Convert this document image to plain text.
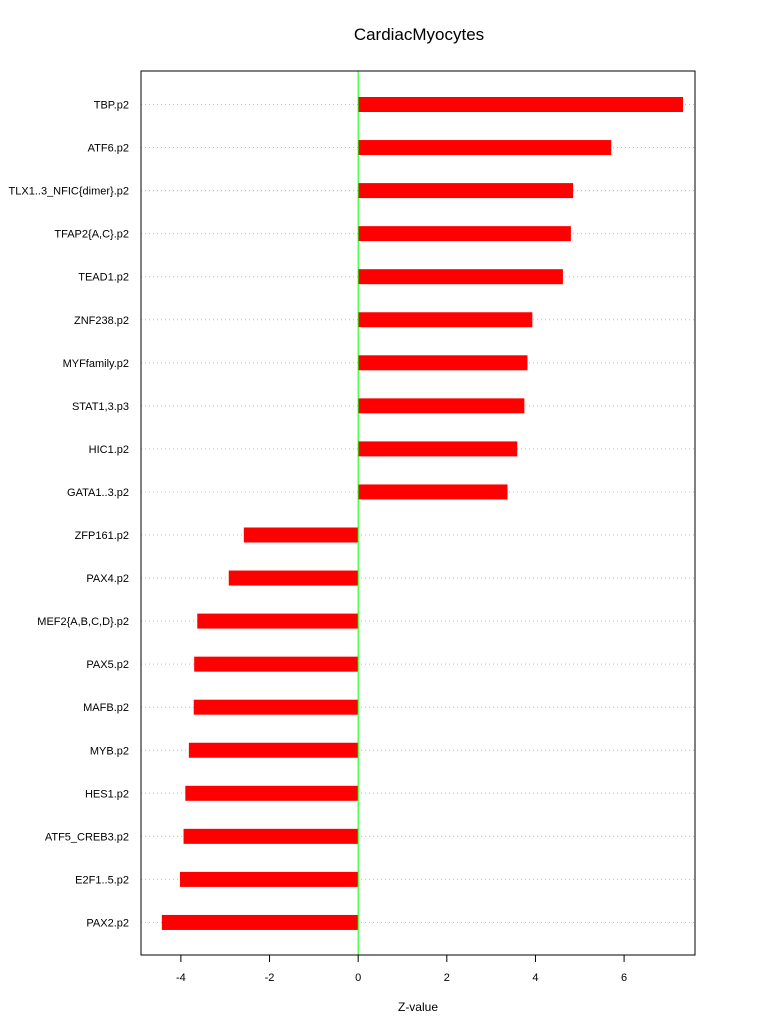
CardiacMyocytes
TBP.p2
ATF6.p2
TLX1..3_NFIC{dimer}.p2
TFAP2{A,C}.p2
TEAD1.p2
ZNF238.p2
MYFfamily.p2
STAT1,3.p3
HIC1.p2
GATA1..3.p2
ZFP161.p2
PAX4.p2
MEF2{A,B,C,D}.p2
PAX5.p2
MAFB.p2
MYB.p2
HES1.p2
ATF5_CREB3.p2
E2F1..5.p2
PAX2.p2
-4	-2	0	2	4	6
Z-value
